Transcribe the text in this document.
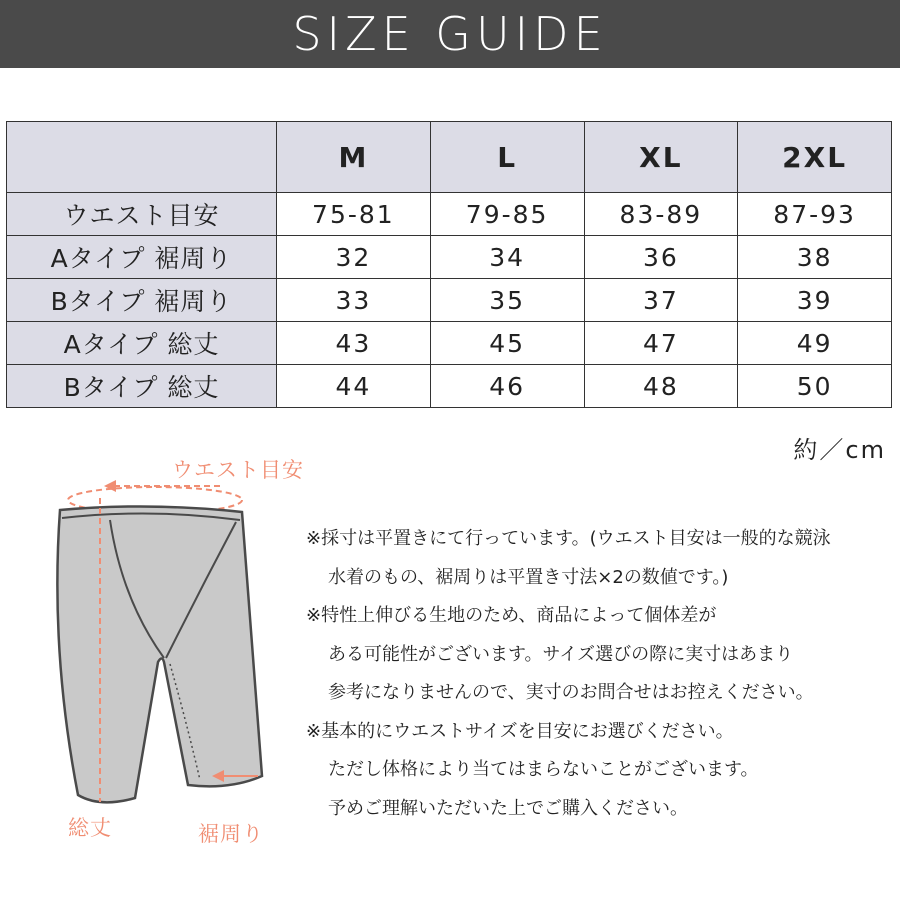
SIZE GUIDE
	M	L	XL	2XL
ウエスト目安	75-81	79-85	83-89	87-93
Aタイプ 裾周り	32	34	36	38
Bタイプ 裾周り	33	35	37	39
Aタイプ 総丈	43	45	47	49
Bタイプ 総丈	44	46	48	50
約／cm
ウエスト目安
総丈	裾周り
※採寸は平置きにて行っています。(ウエスト目安は一般的な競泳
水着のもの、裾周りは平置き寸法×2の数値です。)
※特性上伸びる生地のため、商品によって個体差が
ある可能性がございます。サイズ選びの際に実寸はあまり
参考になりませんので、実寸のお問合せはお控えください。
※基本的にウエストサイズを目安にお選びください。
ただし体格により当てはまらないことがございます。
予めご理解いただいた上でご購入ください。
